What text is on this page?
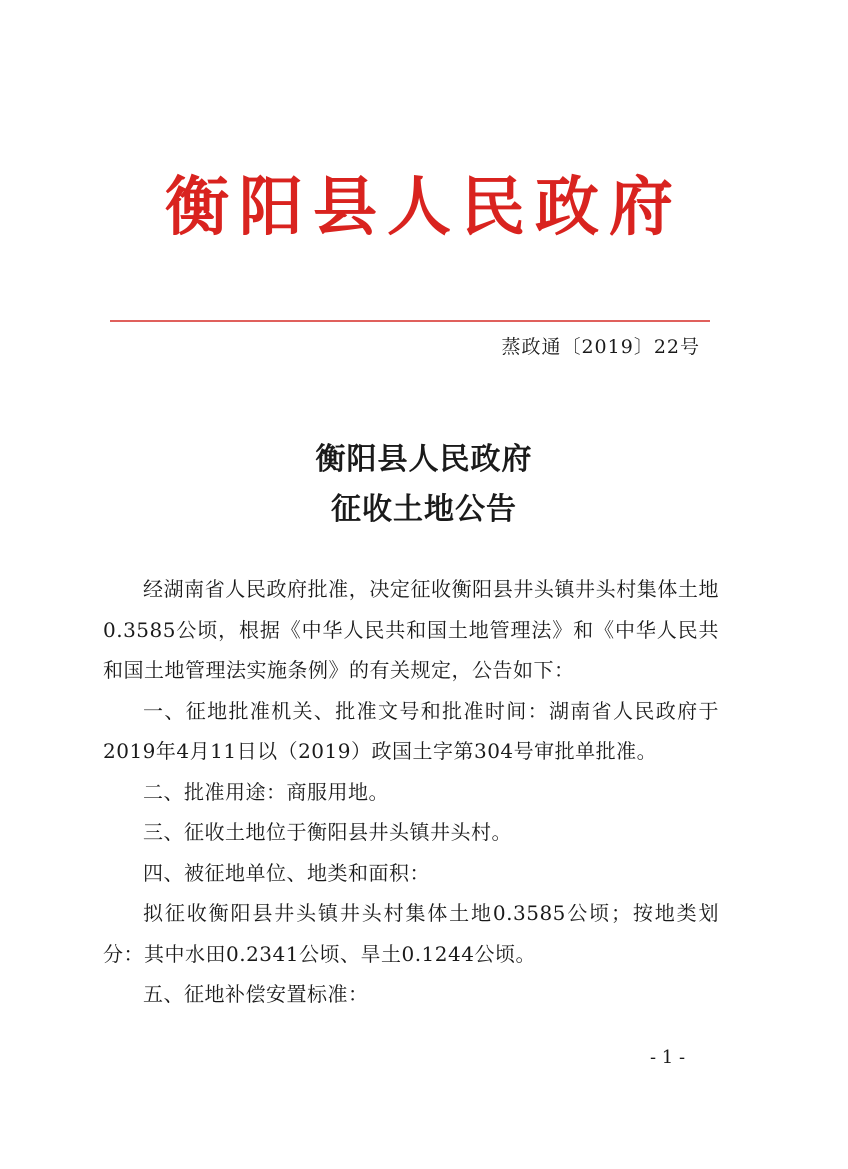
衡阳县人民政府
蒸政通〔2019〕22号
衡阳县人民政府
征收土地公告

经湖南省人民政府批准，决定征收衡阳县井头镇井头村集体土地0.3585公顷，根据《中华人民共和国土地管理法》和《中华人民共和国土地管理法实施条例》的有关规定，公告如下：

一、征地批准机关、批准文号和批准时间：湖南省人民政府于2019年4月11日以（2019）政国土字第304号审批单批准。

二、批准用途：商服用地。

三、征收土地位于衡阳县井头镇井头村。

四、被征地单位、地类和面积：

拟征收衡阳县井头镇井头村集体土地0.3585公顷；按地类划分：其中水田0.2341公顷、旱土0.1244公顷。

五、征地补偿安置标准：

- 1 -
